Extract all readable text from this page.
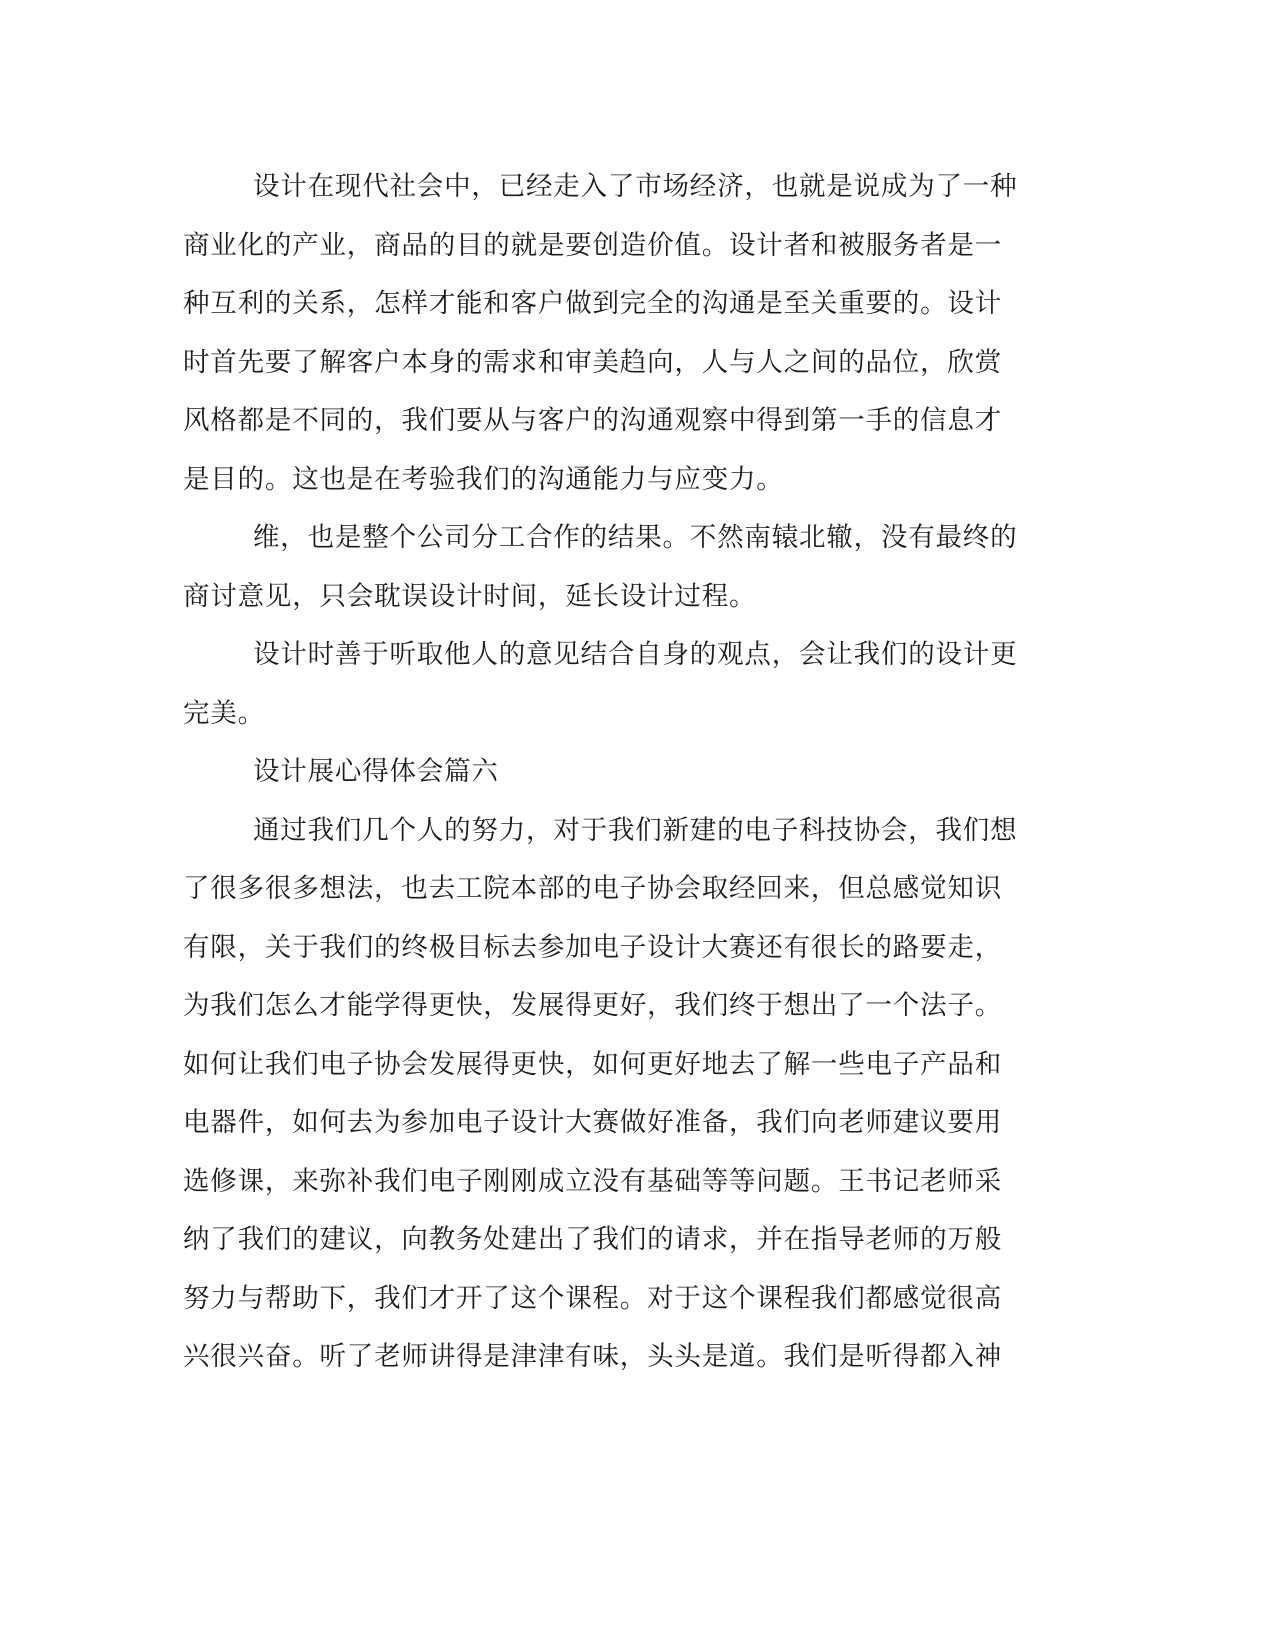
设计在现代社会中，已经走入了市场经济，也就是说成为了一种
商业化的产业，商品的目的就是要创造价值。设计者和被服务者是一
种互利的关系，怎样才能和客户做到完全的沟通是至关重要的。设计
时首先要了解客户本身的需求和审美趋向，人与人之间的品位，欣赏
风格都是不同的，我们要从与客户的沟通观察中得到第一手的信息才
是目的。这也是在考验我们的沟通能力与应变力。
维，也是整个公司分工合作的结果。不然南辕北辙，没有最终的
商讨意见，只会耽误设计时间，延长设计过程。
设计时善于听取他人的意见结合自身的观点，会让我们的设计更
完美。
设计展心得体会篇六
通过我们几个人的努力，对于我们新建的电子科技协会，我们想
了很多很多想法，也去工院本部的电子协会取经回来，但总感觉知识
有限，关于我们的终极目标去参加电子设计大赛还有很长的路要走，
为我们怎么才能学得更快，发展得更好，我们终于想出了一个法子。
如何让我们电子协会发展得更快，如何更好地去了解一些电子产品和
电器件，如何去为参加电子设计大赛做好准备，我们向老师建议要用
选修课，来弥补我们电子刚刚成立没有基础等等问题。王书记老师采
纳了我们的建议，向教务处建出了我们的请求，并在指导老师的万般
努力与帮助下，我们才开了这个课程。对于这个课程我们都感觉很高
兴很兴奋。听了老师讲得是津津有味，头头是道。我们是听得都入神
